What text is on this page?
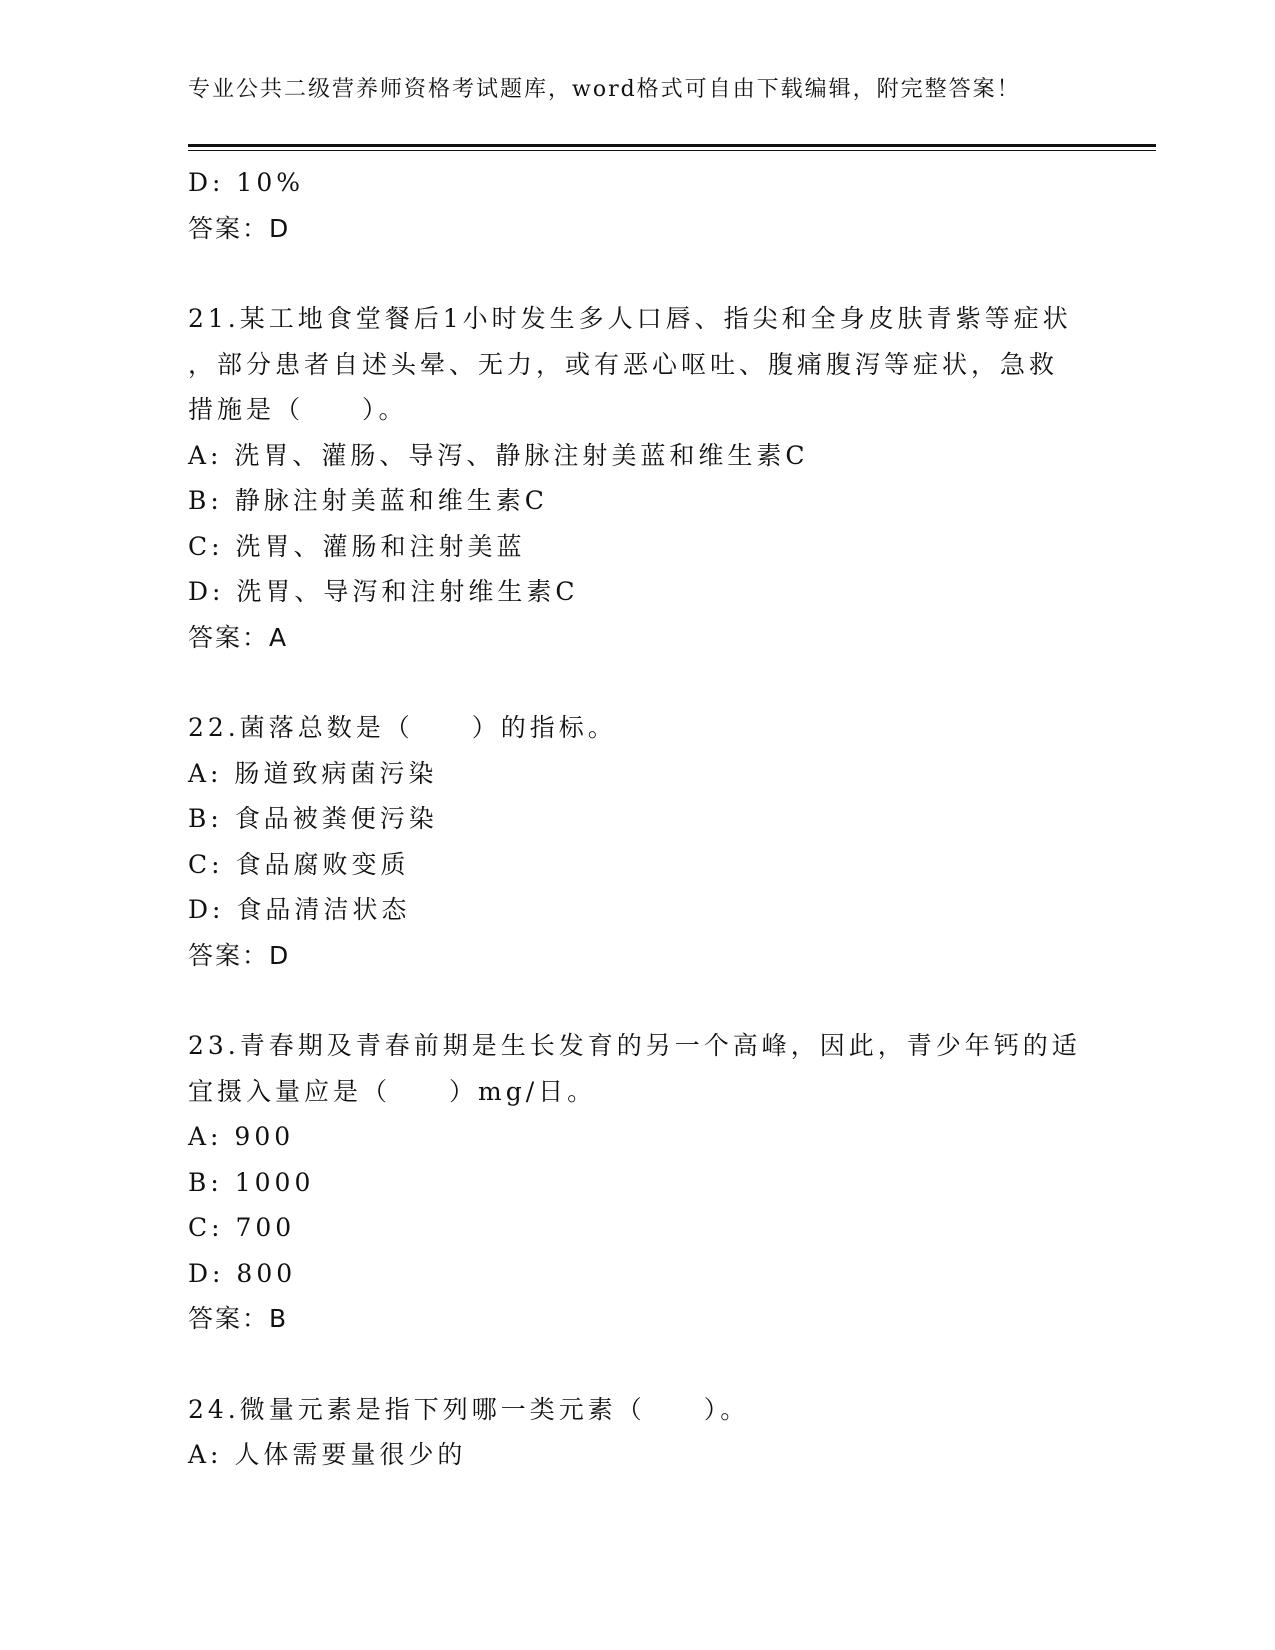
专业公共二级营养师资格考试题库，word格式可自由下载编辑，附完整答案！
D: 10%
答案：D
21.某工地食堂餐后1小时发生多人口唇、指尖和全身皮肤青紫等症状
，部分患者自述头晕、无力，或有恶心呕吐、腹痛腹泻等症状，急救
措施是（　　）。
A: 洗胃、灌肠、导泻、静脉注射美蓝和维生素C
B: 静脉注射美蓝和维生素C
C: 洗胃、灌肠和注射美蓝
D: 洗胃、导泻和注射维生素C
答案：A
22.菌落总数是（　　）的指标。
A: 肠道致病菌污染
B: 食品被粪便污染
C: 食品腐败变质
D: 食品清洁状态
答案：D
23.青春期及青春前期是生长发育的另一个高峰，因此，青少年钙的适
宜摄入量应是（　　）mg/日。
A: 900
B: 1000
C: 700
D: 800
答案：B
24.微量元素是指下列哪一类元素（　　）。
A: 人体需要量很少的
